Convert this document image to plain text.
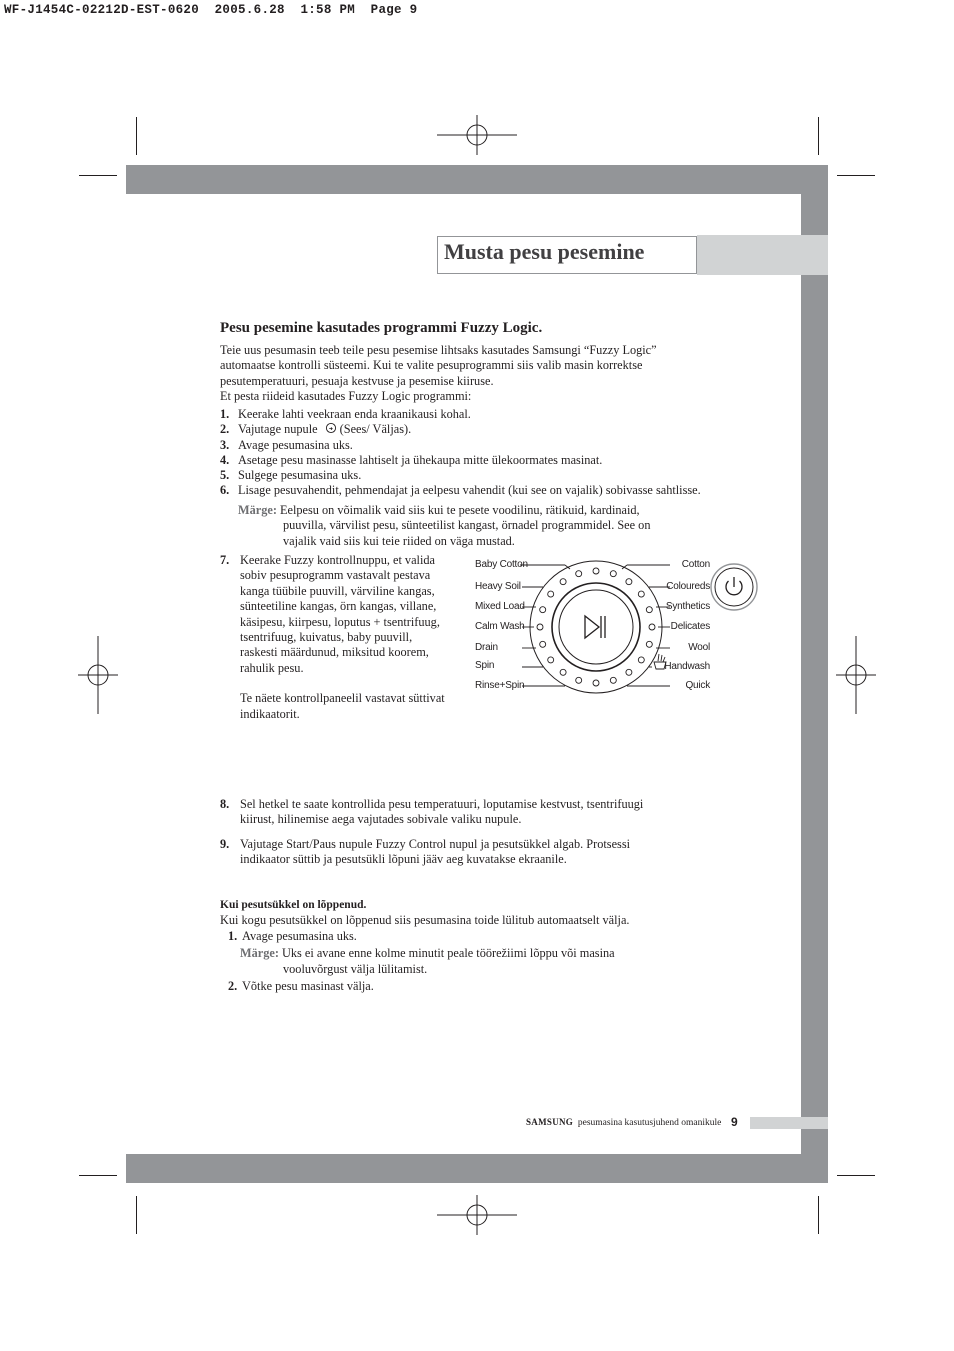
WF-J1454C-02212D-EST-0620  2005.6.28  1:58 PM  Page 9
Musta pesu pesemine
Pesu pesemine kasutades programmi Fuzzy Logic.
Teie uus pesumasin teeb teile pesu pesemise lihtsaks kasutades Samsungi “Fuzzy Logic”
automaatse kontrolli süsteemi. Kui te valite pesuprogrammi siis valib masin korrektse
pesutemperatuuri, pesuaja kestvuse ja pesemise kiiruse.
Et pesta riideid kasutades Fuzzy Logic programmi:
1. Keerake lahti veekraan enda kraanikausi kohal.
2. Vajutage nupule (Sees/ Väljas).
3. Avage pesumasina uks.
4. Asetage pesu masinasse lahtiselt ja ühekaupa mitte ülekoormates masinat.
5. Sulgege pesumasina uks.
6. Lisage pesuvahendit, pehmendajat ja eelpesu vahendit (kui see on vajalik) sobivasse sahtlisse.
Märge: Eelpesu on võimalik vaid siis kui te pesete voodilinu, rätikuid, kardinaid,
puuvilla, värvilist pesu, sünteetilist kangast, örnadel programmidel. See on
vajalik vaid siis kui teie riided on väga mustad.
7. Keerake Fuzzy kontrollnuppu, et valida
sobiv pesuprogramm vastavalt pestava
kanga tüübile puuvill, värviline kangas,
sünteetiline kangas, örn kangas, villane,
käsipesu, kiirpesu, loputus + tsentrifuug,
tsentrifuug, kuivatus, baby puuvill,
raskesti määrdunud, miksitud koorem,
rahulik pesu.
Te näete kontrollpaneelil vastavat süttivat
indikaatorit.
Baby Cotton
Heavy Soil
Mixed Load
Calm Wash
Drain
Spin
Rinse+Spin
Cotton
Coloureds
Synthetics
Delicates
Wool
Handwash
Quick
8. Sel hetkel te saate kontrollida pesu temperatuuri, loputamise kestvust, tsentrifuugi
kiirust, hilinemise aega vajutades sobivale valiku nupule.
9. Vajutage Start/Paus nupule Fuzzy Control nupul ja pesutsükkel algab. Protsessi
indikaator süttib ja pesutsükli lõpuni jääv aeg kuvatakse ekraanile.
Kui pesutsükkel on lõppenud.
Kui kogu pesutsükkel on lõppenud siis pesumasina toide lülitub automaatselt välja.
1. Avage pesumasina uks.
Märge: Uks ei avane enne kolme minutit peale töörežiimi lõppu või masina
vooluvõrgust välja lülitamist.
2. Võtke pesu masinast välja.
SAMSUNG pesumasina kasutusjuhend omanikule 9
